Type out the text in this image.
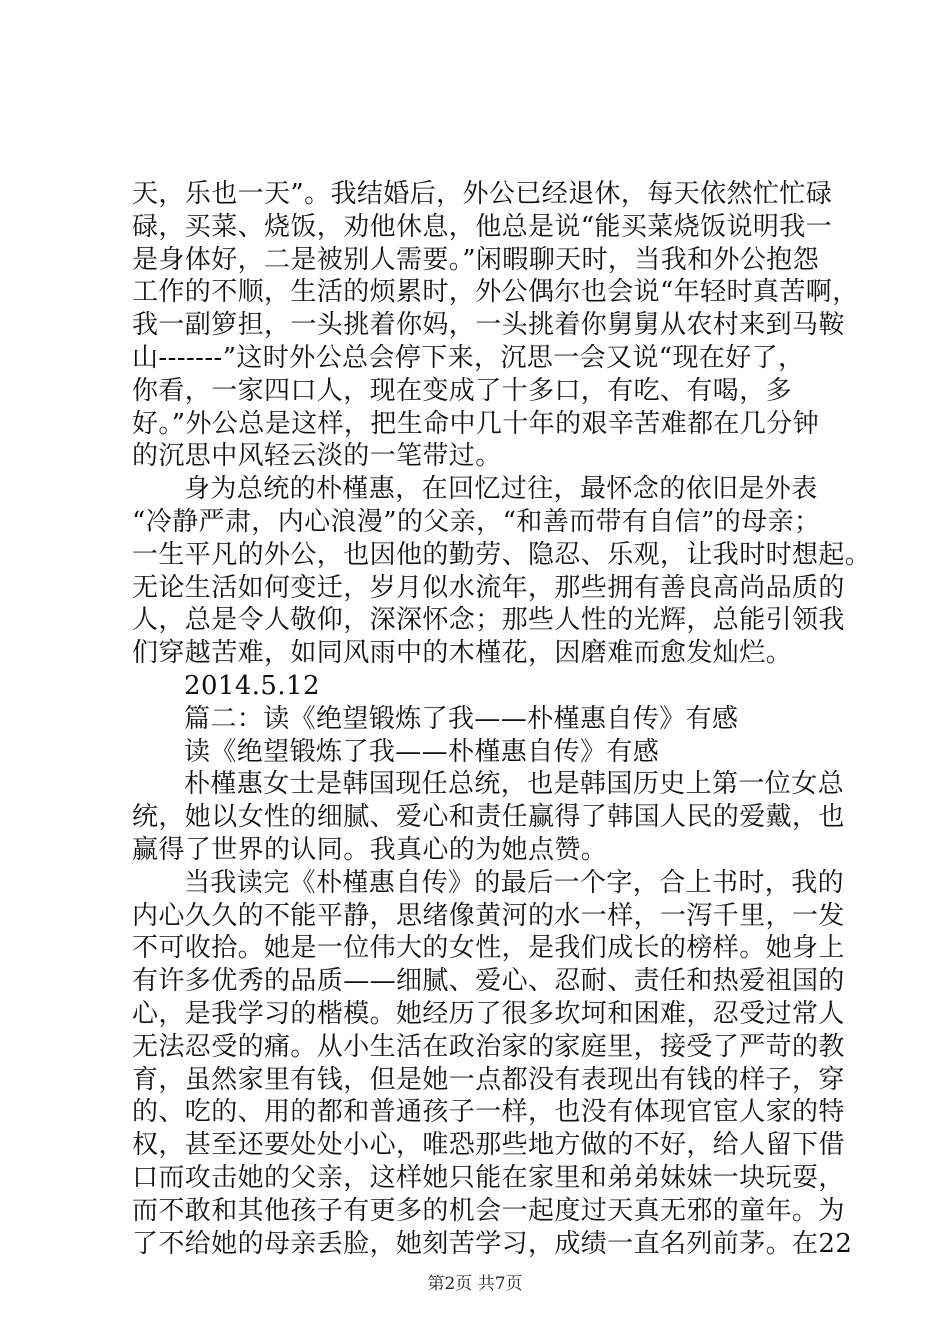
天，乐也一天”。我结婚后，外公已经退休，每天依然忙忙碌
碌，买菜、烧饭，劝他休息，他总是说“能买菜烧饭说明我一
是身体好，二是被别人需要。”闲暇聊天时，当我和外公抱怨
工作的不顺，生活的烦累时，外公偶尔也会说“年轻时真苦啊，
我一副箩担，一头挑着你妈，一头挑着你舅舅从农村来到马鞍
山-------”这时外公总会停下来，沉思一会又说“现在好了，
你看，一家四口人，现在变成了十多口，有吃、有喝，多
好。”外公总是这样，把生命中几十年的艰辛苦难都在几分钟
的沉思中风轻云淡的一笔带过。
身为总统的朴槿惠，在回忆过往，最怀念的依旧是外表
“冷静严肃，内心浪漫”的父亲，“和善而带有自信”的母亲；
一生平凡的外公，也因他的勤劳、隐忍、乐观，让我时时想起。
无论生活如何变迁，岁月似水流年，那些拥有善良高尚品质的
人，总是令人敬仰，深深怀念；那些人性的光辉，总能引领我
们穿越苦难，如同风雨中的木槿花，因磨难而愈发灿烂。
2014.5.12
篇二：读《绝望锻炼了我——朴槿惠自传》有感
读《绝望锻炼了我——朴槿惠自传》有感
朴槿惠女士是韩国现任总统，也是韩国历史上第一位女总
统，她以女性的细腻、爱心和责任赢得了韩国人民的爱戴，也
赢得了世界的认同。我真心的为她点赞。
当我读完《朴槿惠自传》的最后一个字，合上书时，我的
内心久久的不能平静，思绪像黄河的水一样，一泻千里，一发
不可收拾。她是一位伟大的女性，是我们成长的榜样。她身上
有许多优秀的品质——细腻、爱心、忍耐、责任和热爱祖国的
心，是我学习的楷模。她经历了很多坎坷和困难，忍受过常人
无法忍受的痛。从小生活在政治家的家庭里，接受了严苛的教
育，虽然家里有钱，但是她一点都没有表现出有钱的样子，穿
的、吃的、用的都和普通孩子一样，也没有体现官宦人家的特
权，甚至还要处处小心，唯恐那些地方做的不好，给人留下借
口而攻击她的父亲，这样她只能在家里和弟弟妹妹一块玩耍，
而不敢和其他孩子有更多的机会一起度过天真无邪的童年。为
了不给她的母亲丢脸，她刻苦学习，成绩一直名列前茅。在22
第2页 共7页
